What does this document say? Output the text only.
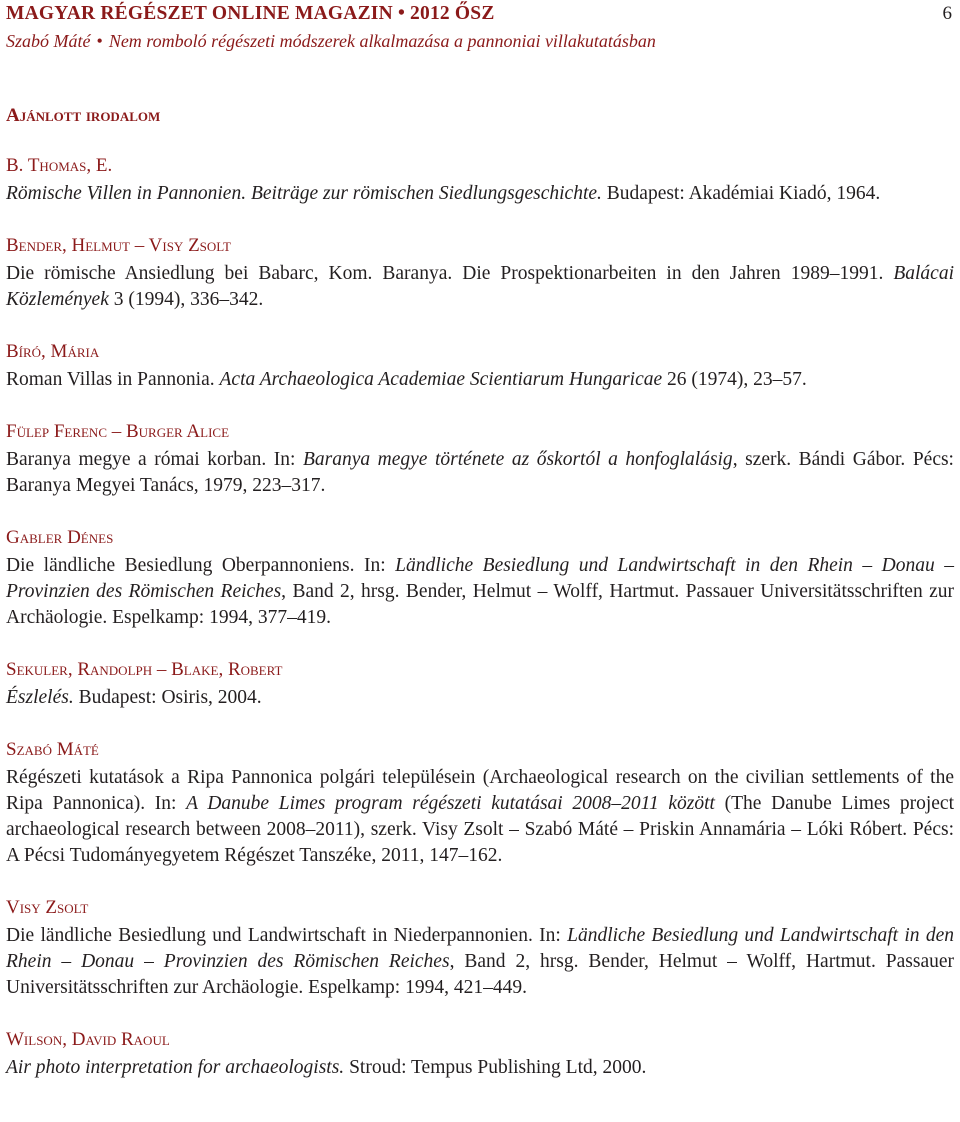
MAGYAR RÉGÉSZET ONLINE MAGAZIN • 2012 ŐSZ	6
Szabó Máté • Nem romboló régészeti módszerek alkalmazása a pannoniai villakutatásban
Ajánlott irodalom
B. Thomas, E.

Römische Villen in Pannonien. Beiträge zur römischen Siedlungsgeschichte. Budapest: Akadémiai Kiadó, 1964.

Bender, Helmut – Visy Zsolt

Die römische Ansiedlung bei Babarc, Kom. Baranya. Die Prospektionarbeiten in den Jahren 1989–1991. Balácai Közlemények 3 (1994), 336–342.

Bíró, Mária

Roman Villas in Pannonia. Acta Archaeologica Academiae Scientiarum Hungaricae 26 (1974), 23–57.

Fülep Ferenc – Burger Alice

Baranya megye a római korban. In: Baranya megye története az őskortól a honfoglalásig, szerk. Bándi Gábor. Pécs: Baranya Megyei Tanács, 1979, 223–317.

Gabler Dénes

Die ländliche Besiedlung Oberpannoniens. In: Ländliche Besiedlung und Landwirtschaft in den Rhein – Donau – Provinzien des Römischen Reiches, Band 2, hrsg. Bender, Helmut – Wolff, Hartmut. Passauer Universitätsschriften zur Archäologie. Espelkamp: 1994, 377–419.

Sekuler, Randolph – Blake, Robert

Észlelés. Budapest: Osiris, 2004.

Szabó Máté

Régészeti kutatások a Ripa Pannonica polgári településein (Archaeological research on the civilian settlements of the Ripa Pannonica). In: A Danube Limes program régészeti kutatásai 2008–2011 között (The Danube Limes project archaeological research between 2008–2011), szerk. Visy Zsolt – Szabó Máté – Priskin Annamária – Lóki Róbert. Pécs: A Pécsi Tudományegyetem Régészet Tanszéke, 2011, 147–162.

Visy Zsolt

Die ländliche Besiedlung und Landwirtschaft in Niederpannonien. In: Ländliche Besiedlung und Landwirtschaft in den Rhein – Donau – Provinzien des Römischen Reiches, Band 2, hrsg. Bender, Helmut – Wolff, Hartmut. Passauer Universitätsschriften zur Archäologie. Espelkamp: 1994, 421–449.

Wilson, David Raoul

Air photo interpretation for archaeologists. Stroud: Tempus Publishing Ltd, 2000.
